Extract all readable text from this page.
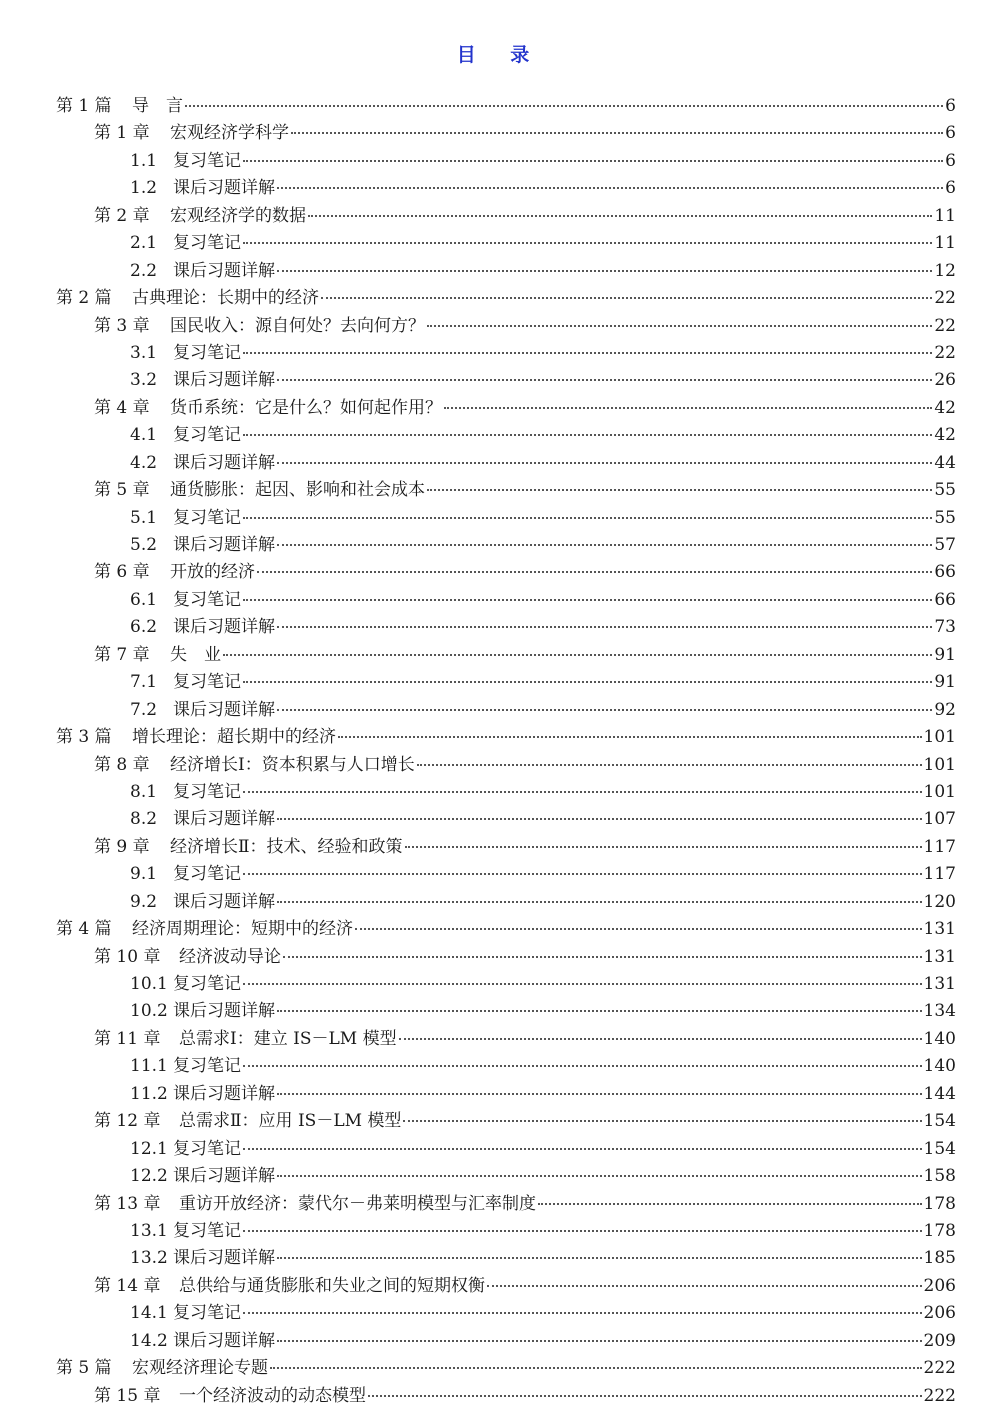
目 录
第 1 篇	导　言	6
第 1 章	宏观经济学科学	6
1.1 复习笔记	6
1.2 课后习题详解	6
第 2 章	宏观经济学的数据	11
2.1 复习笔记	11
2.2 课后习题详解	12
第 2 篇	古典理论：长期中的经济	22
第 3 章	国民收入：源自何处？去向何方？	22
3.1 复习笔记	22
3.2 课后习题详解	26
第 4 章	货币系统：它是什么？如何起作用？	42
4.1 复习笔记	42
4.2 课后习题详解	44
第 5 章	通货膨胀：起因、影响和社会成本	55
5.1 复习笔记	55
5.2 课后习题详解	57
第 6 章	开放的经济	66
6.1 复习笔记	66
6.2 课后习题详解	73
第 7 章	失　业	91
7.1 复习笔记	91
7.2 课后习题详解	92
第 3 篇	增长理论：超长期中的经济	101
第 8 章	经济增长Ⅰ：资本积累与人口增长	101
8.1 复习笔记	101
8.2 课后习题详解	107
第 9 章	经济增长Ⅱ：技术、经验和政策	117
9.1 复习笔记	117
9.2 课后习题详解	120
第 4 篇	经济周期理论：短期中的经济	131
第 10 章	经济波动导论	131
10.1 复习笔记	131
10.2 课后习题详解	134
第 11 章	总需求Ⅰ：建立 IS－LM 模型	140
11.1 复习笔记	140
11.2 课后习题详解	144
第 12 章	总需求Ⅱ：应用 IS－LM 模型	154
12.1 复习笔记	154
12.2 课后习题详解	158
第 13 章	重访开放经济：蒙代尔－弗莱明模型与汇率制度	178
13.1 复习笔记	178
13.2 课后习题详解	185
第 14 章	总供给与通货膨胀和失业之间的短期权衡	206
14.1 复习笔记	206
14.2 课后习题详解	209
第 5 篇	宏观经济理论专题	222
第 15 章	一个经济波动的动态模型	222
